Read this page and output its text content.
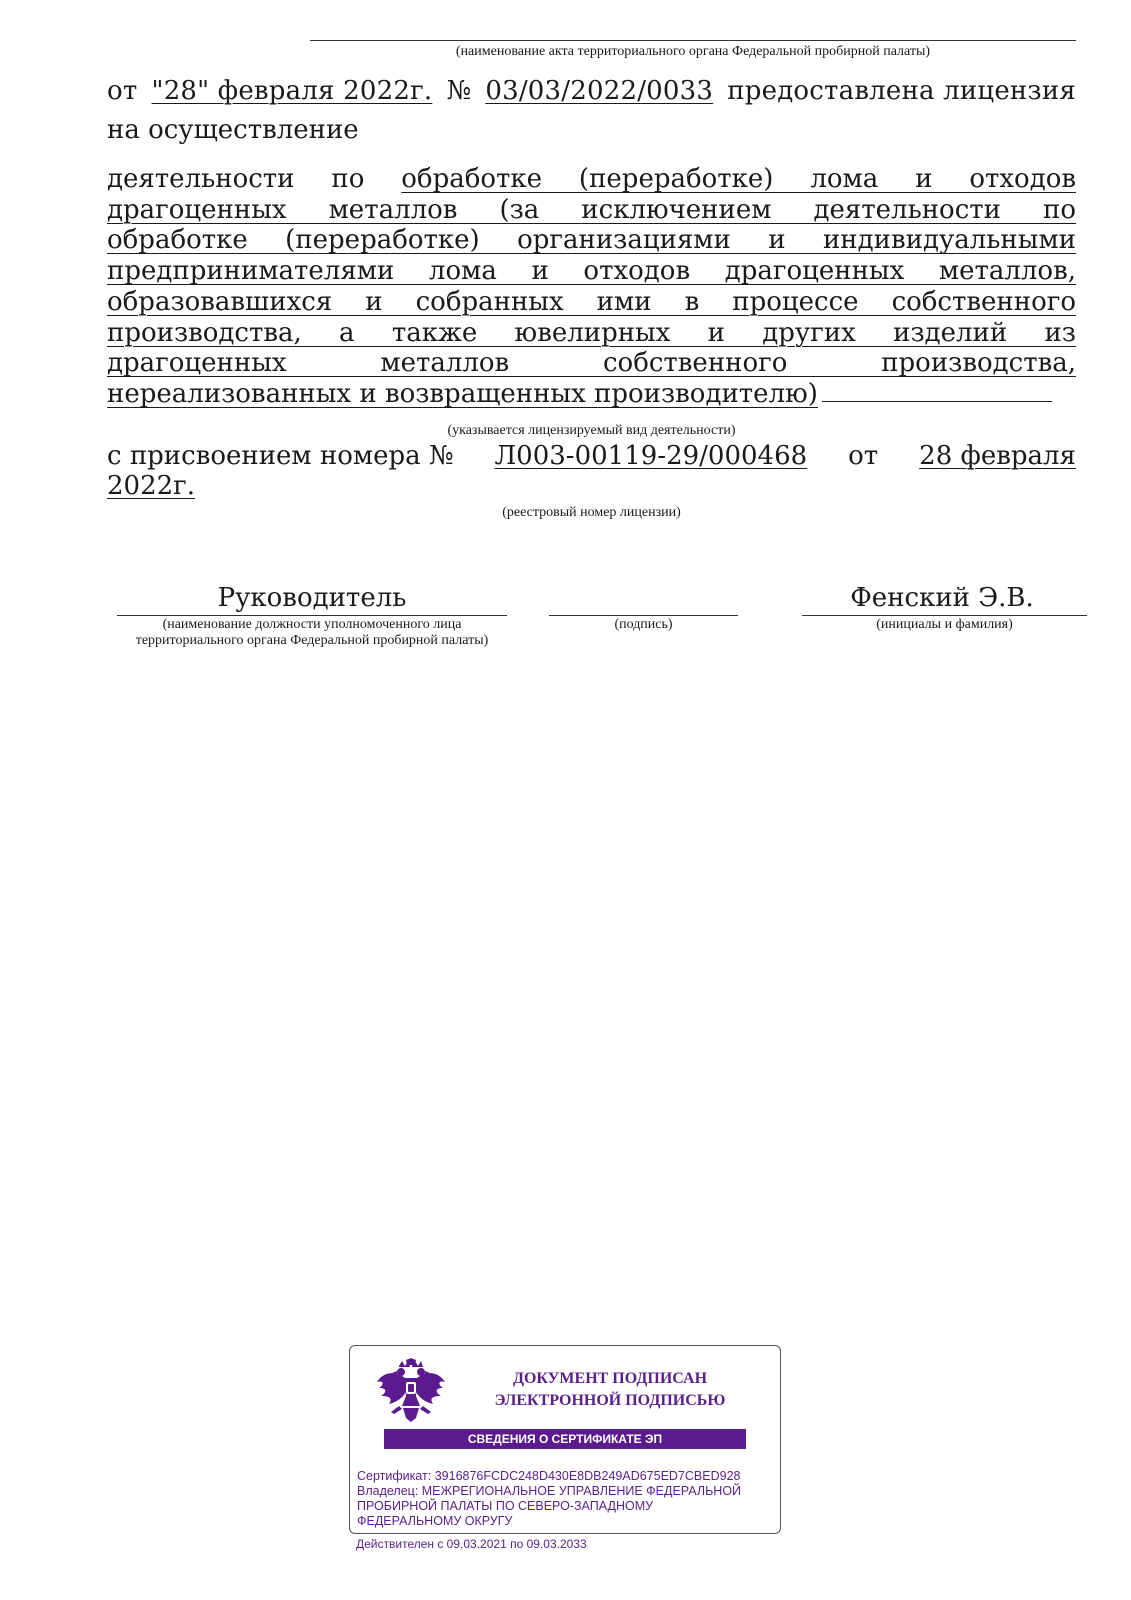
(наименование акта территориального органа Федеральной пробирной палаты)
от "28" февраля 2022г. № 03/03/2022/0033 предоставлена лицензия
на осуществление
деятельности по обработке (переработке) лома и отходов
драгоценных металлов (за исключением деятельности по
обработке (переработке) организациями и индивидуальными
предпринимателями лома и отходов драгоценных металлов,
образовавшихся и собранных ими в процессе собственного
производства, а также ювелирных и других изделий из
драгоценных металлов собственного производства,
нереализованных и возвращенных производителю)
(указывается лицензируемый вид деятельности)
с присвоением номера № Л003-00119-29/000468 от 28 февраля
2022г.
(реестровый номер лицензии)
Руководитель	Фенский Э.В.
(наименование должности уполномоченного лица территориального органа Федеральной пробирной палаты)
(подпись)	(инициалы и фамилия)
ДОКУМЕНТ ПОДПИСАН
ЭЛЕКТРОННОЙ ПОДПИСЬЮ
СВЕДЕНИЯ О СЕРТИФИКАТЕ ЭП
Сертификат: 3916876FCDC248D430E8DB249AD675ED7CBED928
Владелец: МЕЖРЕГИОНАЛЬНОЕ УПРАВЛЕНИЕ ФЕДЕРАЛЬНОЙ
ПРОБИРНОЙ ПАЛАТЫ ПО СЕВЕРО-ЗАПАДНОМУ
ФЕДЕРАЛЬНОМУ ОКРУГУ
Действителен с 09.03.2021 по 09.03.2033
